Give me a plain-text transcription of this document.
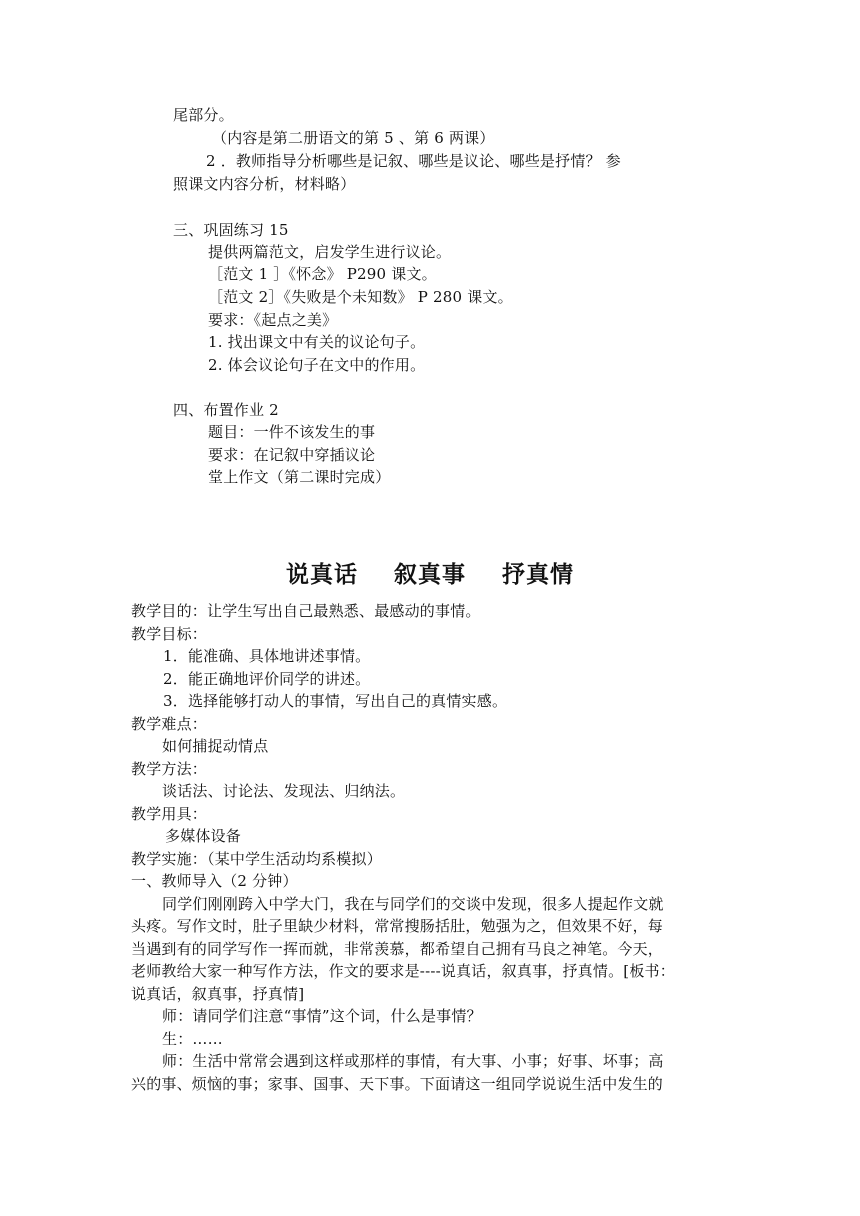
尾部分。
（内容是第二册语文的第 5 、第 6 两课）
2 ．教师指导分析哪些是记叙、哪些是议论、哪些是抒情？ 参
照课文内容分析，材料略）
三、巩固练习 15
提供两篇范文，启发学生进行议论。
［范文 1 ］《怀念》 P290 课文。
［范文 2］《失败是个未知数》 P 280 课文。
要求：《起点之美》
1. 找出课文中有关的议论句子。
2. 体会议论句子在文中的作用。
四、布置作业 2
题目：一件不该发生的事
要求：在记叙中穿插议论
堂上作文（第二课时完成）
说真话    叙真事    抒真情
教学目的：让学生写出自己最熟悉、最感动的事情。
教学目标：
1．能准确、具体地讲述事情。
2．能正确地评价同学的讲述。
3．选择能够打动人的事情，写出自己的真情实感。
教学难点：
如何捕捉动情点
教学方法：
谈话法、讨论法、发现法、归纳法。
教学用具：
多媒体设备
教学实施：（某中学生活动均系模拟）
一、教师导入（2 分钟）
同学们刚刚跨入中学大门，我在与同学们的交谈中发现，很多人提起作文就
头疼。写作文时，肚子里缺少材料，常常搜肠括肚，勉强为之，但效果不好，每
当遇到有的同学写作一挥而就，非常羡慕，都希望自己拥有马良之神笔。今天，
老师教给大家一种写作方法，作文的要求是----说真话，叙真事，抒真情。[板书：
说真话，叙真事，抒真情]
师：请同学们注意“事情”这个词，什么是事情？
生：……
师：生活中常常会遇到这样或那样的事情，有大事、小事；好事、坏事；高
兴的事、烦恼的事；家事、国事、天下事。下面请这一组同学说说生活中发生的
